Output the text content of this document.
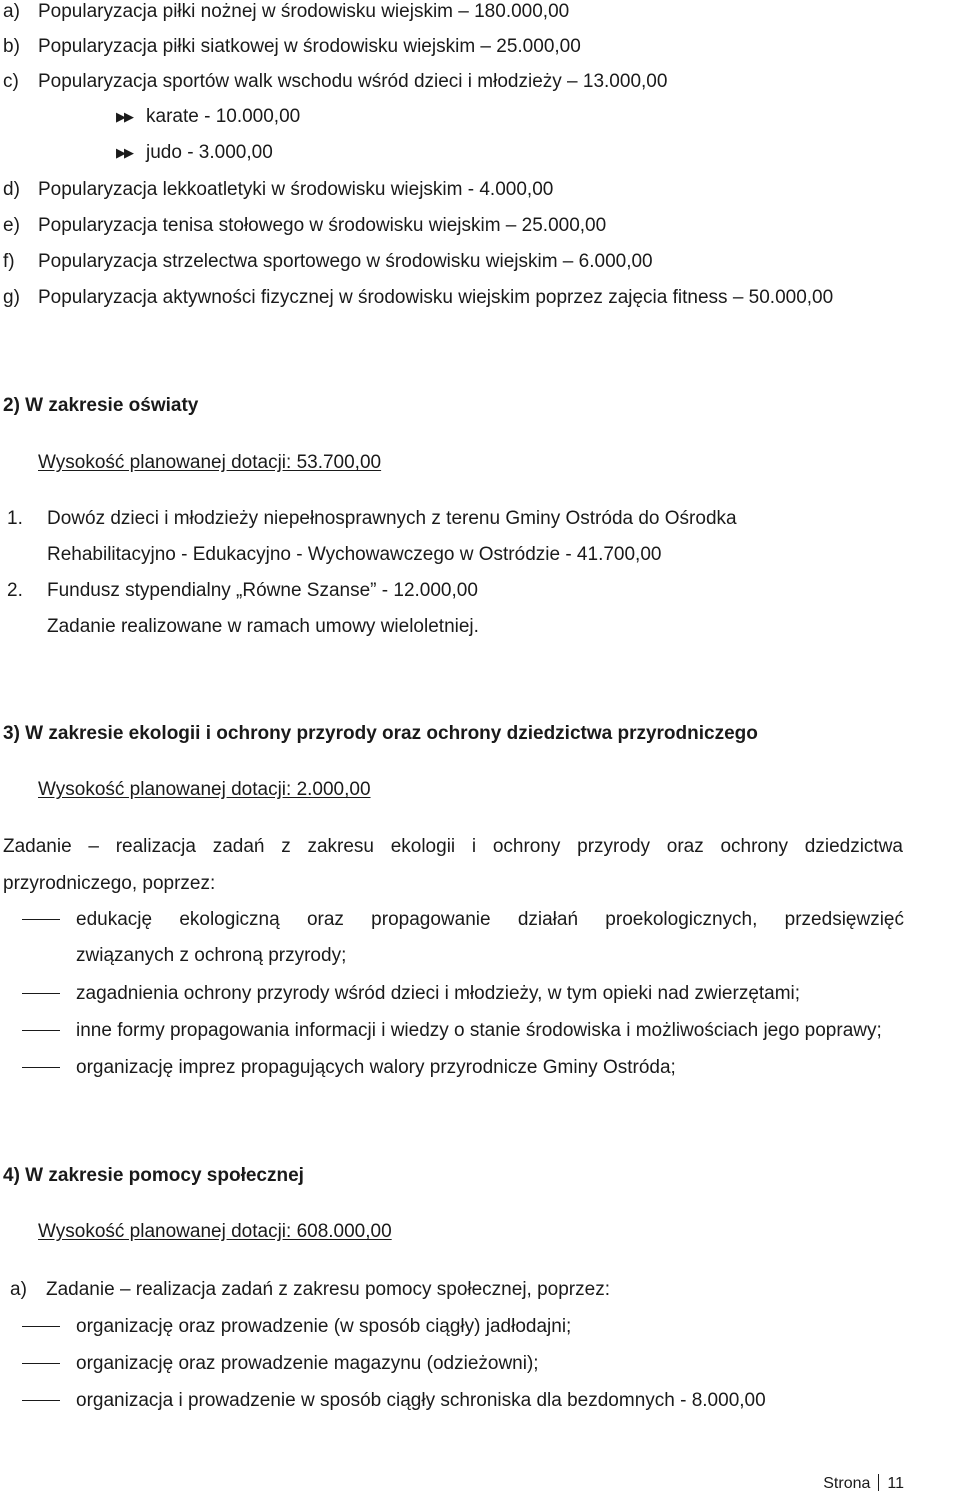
a) Popularyzacja piłki nożnej w środowisku wiejskim – 180.000,00
b) Popularyzacja piłki siatkowej w środowisku wiejskim – 25.000,00
c) Popularyzacja sportów walk wschodu wśród dzieci i młodzieży – 13.000,00
▶▶ karate - 10.000,00
▶▶ judo - 3.000,00
d) Popularyzacja lekkoatletyki w środowisku wiejskim - 4.000,00
e) Popularyzacja tenisa stołowego w środowisku wiejskim – 25.000,00
f) Popularyzacja strzelectwa sportowego w środowisku wiejskim – 6.000,00
g) Popularyzacja aktywności fizycznej w środowisku wiejskim poprzez zajęcia fitness – 50.000,00
2) W zakresie oświaty
Wysokość planowanej dotacji: 53.700,00
1. Dowóz dzieci i młodzieży niepełnosprawnych z terenu Gminy Ostróda do Ośrodka
Rehabilitacyjno - Edukacyjno - Wychowawczego w Ostródzie - 41.700,00
2. Fundusz stypendialny „Równe Szanse” - 12.000,00
Zadanie realizowane w ramach umowy wieloletniej.
3) W zakresie ekologii i ochrony przyrody oraz ochrony dziedzictwa przyrodniczego
Wysokość planowanej dotacji: 2.000,00
Zadanie – realizacja zadań z zakresu ekologii i ochrony przyrody oraz ochrony dziedzictwa
przyrodniczego, poprzez:
edukację ekologiczną oraz propagowanie działań proekologicznych, przedsięwzięć
związanych z ochroną przyrody;
zagadnienia ochrony przyrody wśród dzieci i młodzieży, w tym opieki nad zwierzętami;
inne formy propagowania informacji i wiedzy o stanie środowiska i możliwościach jego poprawy;
organizację imprez propagujących walory przyrodnicze Gminy Ostróda;
4) W zakresie pomocy społecznej
Wysokość planowanej dotacji: 608.000,00
a) Zadanie – realizacja zadań z zakresu pomocy społecznej, poprzez:
organizację oraz prowadzenie (w sposób ciągły) jadłodajni;
organizację oraz prowadzenie magazynu (odzieżowni);
organizacja i prowadzenie w sposób ciągły schroniska dla bezdomnych - 8.000,00
Strona 11
